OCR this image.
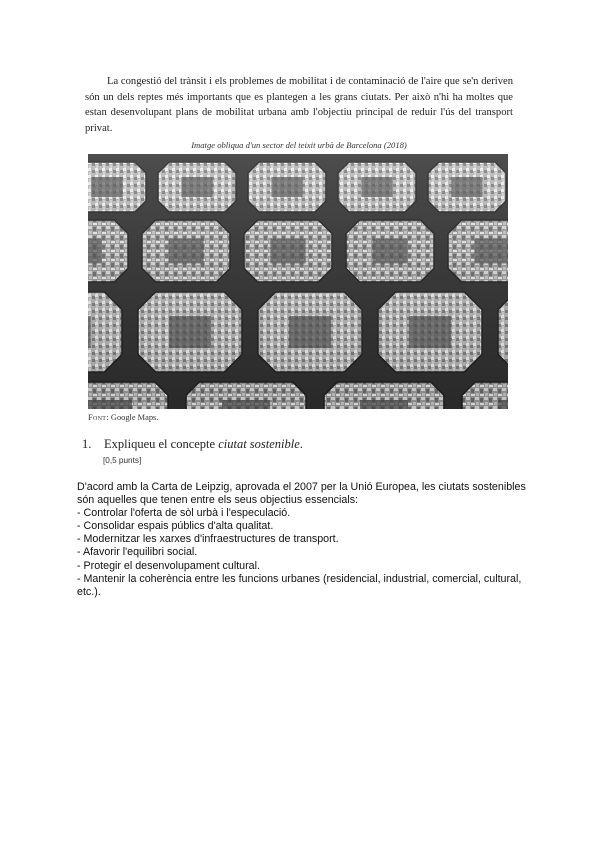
La congestió del trànsit i els problemes de mobilitat i de contaminació de l'aire que se'n deriven són un dels reptes més importants que es plantegen a les grans ciutats. Per això n'hi ha moltes que estan desenvolupant plans de mobilitat urbana amb l'objectiu principal de reduir l'ús del transport privat.

Imatge obliqua d'un sector del teixit urbà de Barcelona (2018)

Font: Google Maps.

1. Expliqueu el concepte ciutat sostenible.

[0,5 punts]

D'acord amb la Carta de Leipzig, aprovada el 2007 per la Unió Europea, les ciutats sostenibles són aquelles que tenen entre els seus objectius essencials:

- Controlar l'oferta de sòl urbà i l'especulació.

- Consolidar espais públics d'alta qualitat.

- Modernitzar les xarxes d'infraestructures de transport.

- Afavorir l'equilibri social.

- Protegir el desenvolupament cultural.

- Mantenir la coherència entre les funcions urbanes (residencial, industrial, comercial, cultural, etc.).
